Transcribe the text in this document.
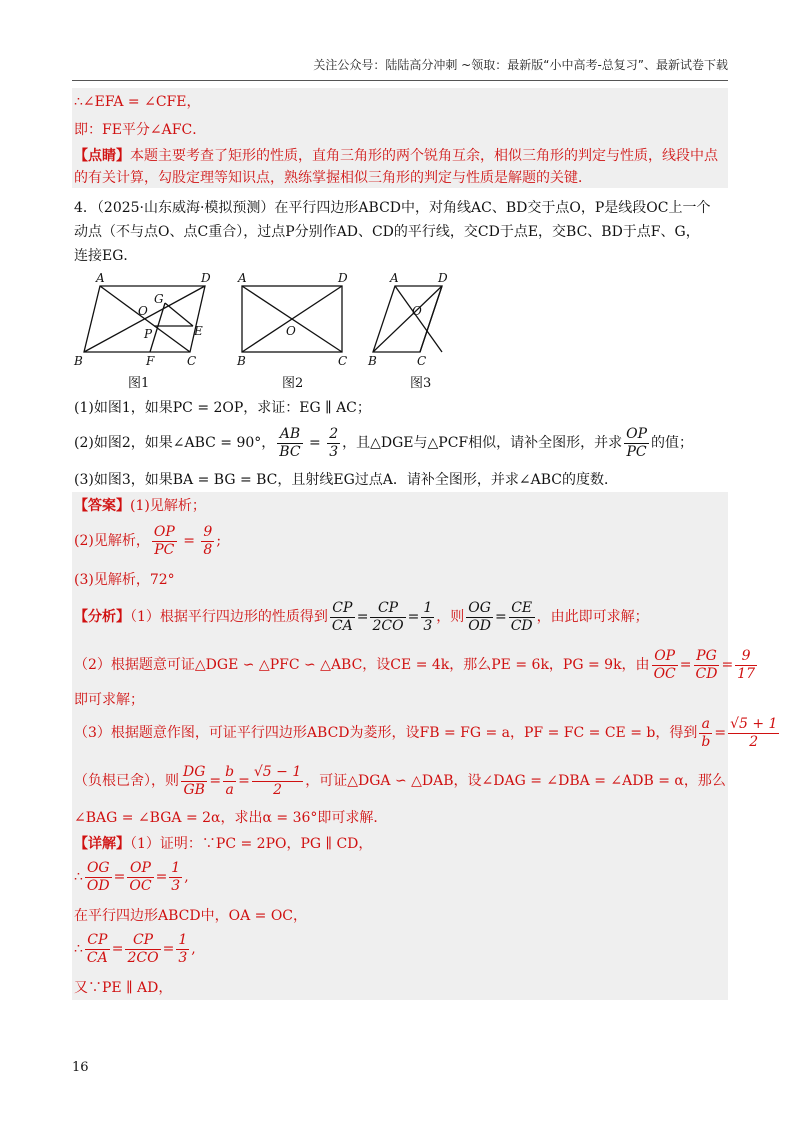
关注公众号：陆陆高分冲刺 ~领取：最新版“小中高考-总复习”、最新试卷下载
∴∠EFA = ∠CFE，
即：FE平分∠AFC．
【点睛】本题主要考查了矩形的性质，直角三角形的两个锐角互余，相似三角形的判定与性质，线段中点
的有关计算，勾股定理等知识点，熟练掌握相似三角形的判定与性质是解题的关键．
4．（2025·山东威海·模拟预测）在平行四边形ABCD中，对角线AC、BD交于点O，P是线段OC上一个
动点（不与点O、点C重合），过点P分别作AD、CD的平行线，交CD于点E，交BC、BD于点F、G，
连接EG．
A	D
B	C
O
G
P	E
F
A	D
B	C
O
A	D
B	C
O
图1	图2	图3
(1)如图1，如果PC = 2OP，求证：EG ∥ AC；
(2)如图2，如果∠ABC = 90°， $\frac{AB}{BC} = \frac{2}{3}$ ，且△DGE与△PCF相似，请补全图形，并求 $\frac{OP}{PC}$ 的值；
(3)如图3，如果BA = BG = BC，且射线EG过点A．请补全图形，并求∠ABC的度数．
【答案】(1)见解析；
(2)见解析， $\frac{OP}{PC} = \frac{9}{8}$ ;
(3)见解析，72°
【分析】（1）根据平行四边形的性质得到 $\frac{CP}{CA} = \frac{CP}{2CO} = \frac{1}{3}$ ，则 $\frac{OG}{OD} = \frac{CE}{CD}$ ，由此即可求解；
（2）根据题意可证△DGE ∽ △PFC ∽ △ABC，设CE = 4k，那么PE = 6k，PG = 9k，由 $\frac{OP}{OC} = \frac{PG}{CD} = \frac{9}{17}$
即可求解；
（3）根据题意作图，可证平行四边形ABCD为菱形，设FB = FG = a，PF = FC = CE = b，得到 $\frac{a}{b} = \frac{√5 + 1}{2}$
（负根已舍），则 $\frac{DG}{GB} = \frac{b}{a} = \frac{√5 - 1}{2}$ ，可证△DGA ∽ △DAB，设∠DAG = ∠DBA = ∠ADB = α，那么
∠BAG = ∠BGA = 2α，求出α = 36°即可求解．
【详解】（1）证明：∵PC = 2PO，PG ∥ CD，
∴ $\frac{OG}{OD} = \frac{OP}{OC} = \frac{1}{3}$ ,
在平行四边形ABCD中，OA = OC，
∴ $\frac{CP}{CA} = \frac{CP}{2CO} = \frac{1}{3}$ ,
又∵PE ∥ AD，
16
